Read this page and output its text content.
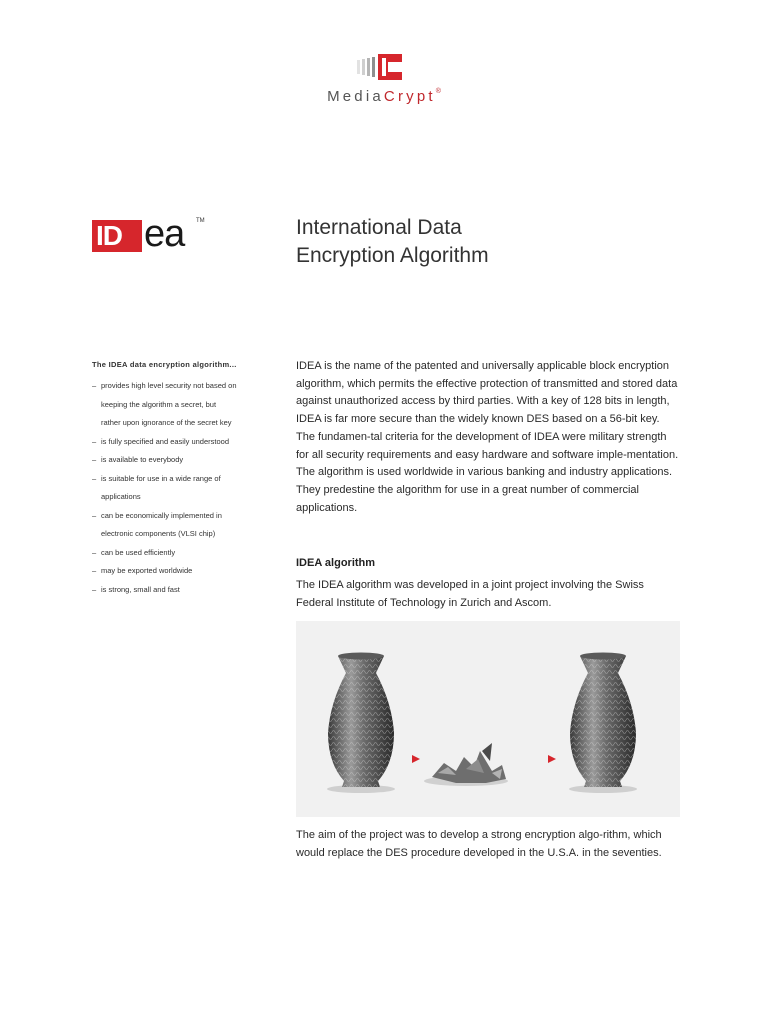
MediaCrypt®
ID ea TM	International Data
Encryption Algorithm
The IDEA data encryption algorithm...
– provides high level security not based on
keeping the algorithm a secret, but
rather upon ignorance of the secret key
– is fully specified and easily understood
– is available to everybody
– is suitable for use in a wide range of
applications
– can be economically implemented in
electronic components (VLSI chip)
– can be used efficiently
– may be exported worldwide
– is strong, small and fast

IDEA is the name of the patented and universally applicable block encryption algorithm, which permits the effective protection of transmitted and stored data against unauthorized access by third parties. With a key of 128 bits in length, IDEA is far more secure than the widely known DES based on a 56-bit key. The fundamen-tal criteria for the development of IDEA were military strength for all security requirements and easy hardware and software imple-mentation. The algorithm is used worldwide in various banking and industry applications. They predestine the algorithm for use in a great number of commercial applications.

IDEA algorithm

The IDEA algorithm was developed in a joint project involving the Swiss Federal Institute of Technology in Zurich and Ascom.

The aim of the project was to develop a strong encryption algo-rithm, which would replace the DES procedure developed in the U.S.A. in the seventies.
